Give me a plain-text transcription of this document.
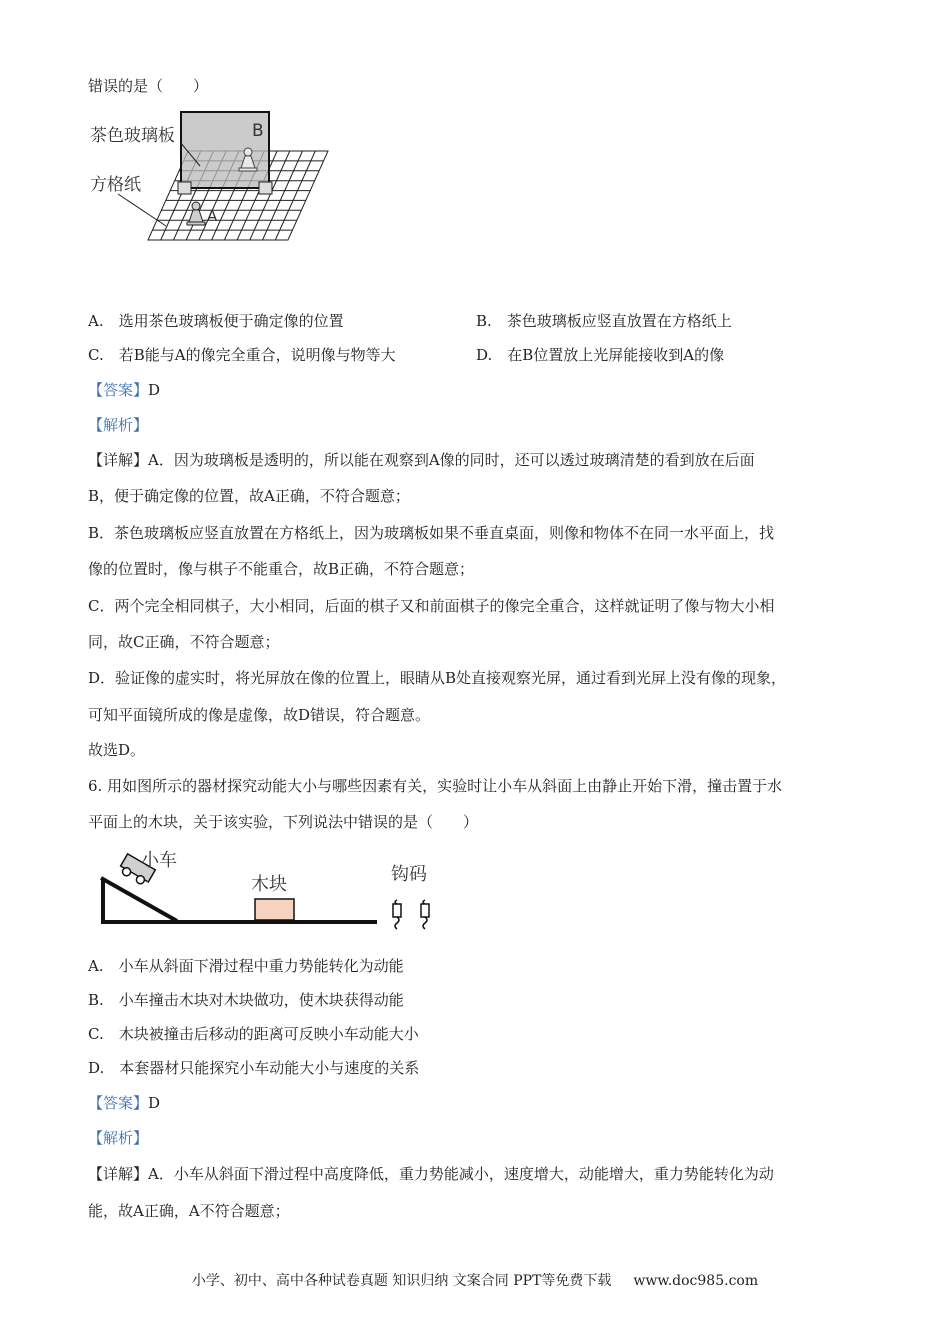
错误的是（　　）
茶色玻璃板
方格纸
B
A
A.　选用茶色玻璃板便于确定像的位置	B.　茶色玻璃板应竖直放置在方格纸上
C.　若B能与A的像完全重合，说明像与物等大	D.　在B位置放上光屏能接收到A的像
【答案】D
【解析】
【详解】A．因为玻璃板是透明的，所以能在观察到A像的同时，还可以透过玻璃清楚的看到放在后面
B，便于确定像的位置，故A正确，不符合题意；
B．茶色玻璃板应竖直放置在方格纸上，因为玻璃板如果不垂直桌面，则像和物体不在同一水平面上，找
像的位置时，像与棋子不能重合，故B正确，不符合题意；
C．两个完全相同棋子，大小相同，后面的棋子又和前面棋子的像完全重合，这样就证明了像与物大小相
同，故C正确，不符合题意；
D．验证像的虚实时，将光屏放在像的位置上，眼睛从B处直接观察光屏，通过看到光屏上没有像的现象，
可知平面镜所成的像是虚像，故D错误，符合题意。
故选D。
6. 用如图所示的器材探究动能大小与哪些因素有关，实验时让小车从斜面上由静止开始下滑，撞击置于水
平面上的木块，关于该实验，下列说法中错误的是（　　）
小车
木块	钩码
A.　小车从斜面下滑过程中重力势能转化为动能
B.　小车撞击木块对木块做功，使木块获得动能
C.　木块被撞击后移动的距离可反映小车动能大小
D.　本套器材只能探究小车动能大小与速度的关系
【答案】D
【解析】
【详解】A．小车从斜面下滑过程中高度降低，重力势能减小，速度增大，动能增大，重力势能转化为动
能，故A正确，A不符合题意；
小学、初中、高中各种试卷真题 知识归纳 文案合同 PPT等免费下载 www.doc985.com
